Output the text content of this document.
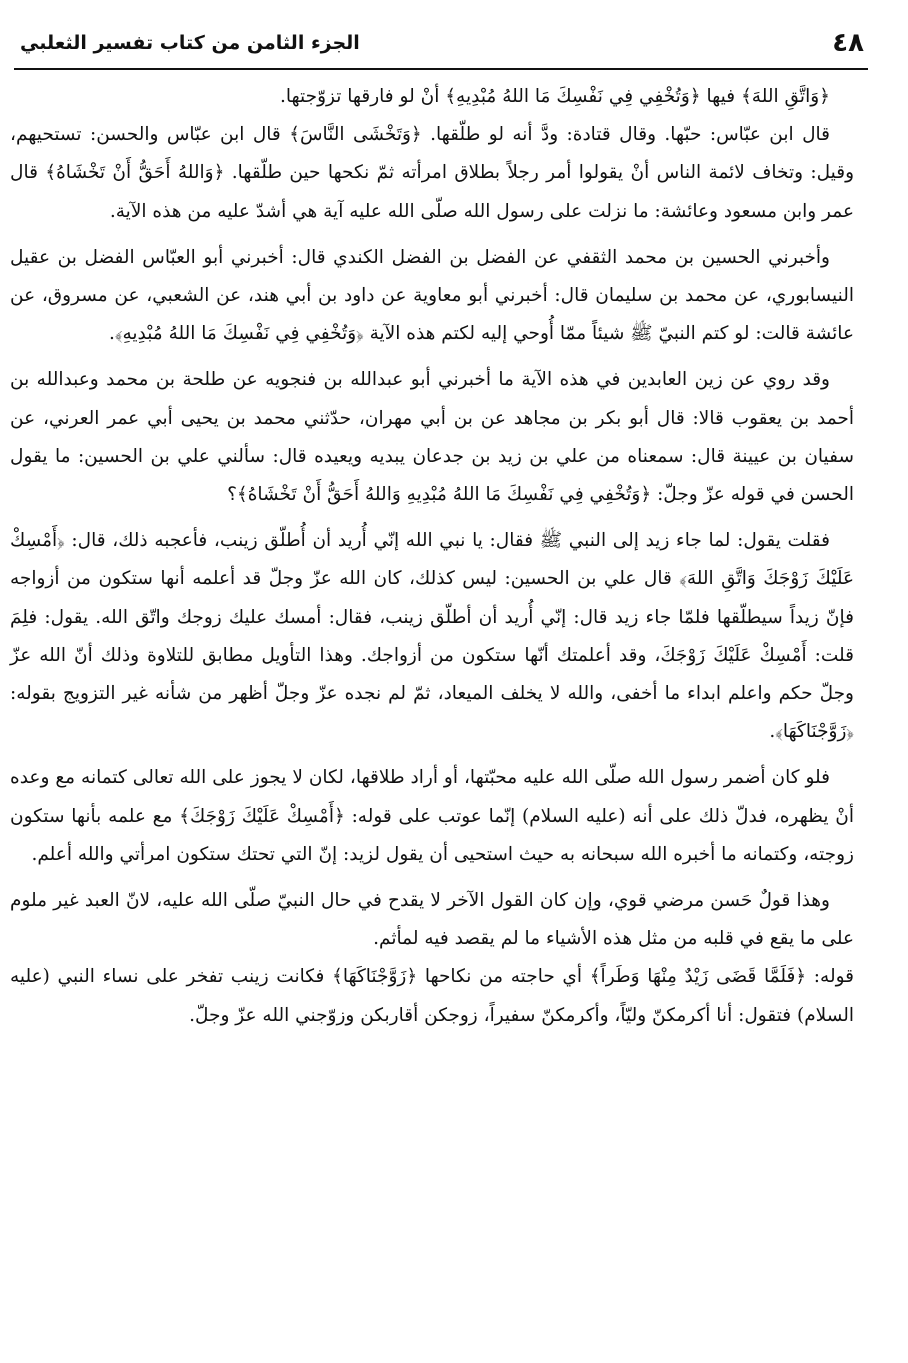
٤٨
الجزء الثامن من كتاب تفسير الثعلبي

﴿وَاتَّقِ اللهَ﴾ فيها ﴿وَتُخْفِي فِي نَفْسِكَ مَا اللهُ مُبْدِيهِ﴾ أنْ لو فارقها تزوّجتها.

قال ابن عبّاس: حبّها. وقال قتادة: ودَّ أنه لو طلّقها. ﴿وَتَخْشَى النَّاسَ﴾ قال ابن عبّاس والحسن: تستحيهم، وقيل: وتخاف لائمة الناس أنْ يقولوا أمر رجلاً بطلاق امرأته ثمّ نكحها حين طلّقها. ﴿وَاللهُ أَحَقُّ أَنْ تَخْشَاهُ﴾ قال عمر وابن مسعود وعائشة: ما نزلت على رسول الله صلّى الله عليه آية هي أشدّ عليه من هذه الآية.

وأخبرني الحسين بن محمد الثقفي عن الفضل بن الفضل الكندي قال: أخبرني أبو العبّاس الفضل بن عقيل النيسابوري، عن محمد بن سليمان قال: أخبرني أبو معاوية عن داود بن أبي هند، عن الشعبي، عن مسروق، عن عائشة قالت: لو كتم النبيّ ﷺ شيئاً ممّا أُوحي إليه لكتم هذه الآية ﴿وَتُخْفِي فِي نَفْسِكَ مَا اللهُ مُبْدِيهِ﴾.

وقد روي عن زين العابدين في هذه الآية ما أخبرني أبو عبدالله بن فنجويه عن طلحة بن محمد وعبدالله بن أحمد بن يعقوب قالا: قال أبو بكر بن مجاهد عن بن أبي مهران، حدّثني محمد بن يحيى أبي عمر العرني، عن سفيان بن عيينة قال: سمعناه من علي بن زيد بن جدعان يبديه ويعيده قال: سألني علي بن الحسين: ما يقول الحسن في قوله عزّ وجلّ: ﴿وَتُخْفِي فِي نَفْسِكَ مَا اللهُ مُبْدِيهِ وَاللهُ أَحَقُّ أَنْ تَخْشَاهُ﴾؟

فقلت يقول: لما جاء زيد إلى النبي ﷺ فقال: يا نبي الله إنّي أُريد أن أُطلّق زينب، فأعجبه ذلك، قال: ﴿أَمْسِكْ عَلَيْكَ زَوْجَكَ وَاتَّقِ اللهَ﴾ قال علي بن الحسين: ليس كذلك، كان الله عزّ وجلّ قد أعلمه أنها ستكون من أزواجه فإنّ زيداً سيطلّقها فلمّا جاء زيد قال: إنّي أُريد أن أطلّق زينب، فقال: أمسك عليك زوجك واتّق الله. يقول: فلِمَ قلت: أَمْسِكْ عَلَيْكَ زَوْجَكَ، وقد أعلمتك أنّها ستكون من أزواجك. وهذا التأويل مطابق للتلاوة وذلك أنّ الله عزّ وجلّ حكم واعلم ابداء ما أخفى، والله لا يخلف الميعاد، ثمّ لم نجده عزّ وجلّ أظهر من شأنه غير التزويج بقوله: ﴿زَوَّجْنَاكَهَا﴾.

فلو كان أضمر رسول الله صلّى الله عليه محبّتها، أو أراد طلاقها، لكان لا يجوز على الله تعالى كتمانه مع وعده أنْ يظهره، فدلّ ذلك على أنه (عليه السلام) إنّما عوتب على قوله: ﴿أَمْسِكْ عَلَيْكَ زَوْجَكَ﴾ مع علمه بأنها ستكون زوجته، وكتمانه ما أخبره الله سبحانه به حيث استحيى أن يقول لزيد: إنّ التي تحتك ستكون امرأتي والله أعلم.

وهذا قولٌ حَسن مرضي قوي، وإن كان القول الآخر لا يقدح في حال النبيّ صلّى الله عليه، لانّ العبد غير ملوم على ما يقع في قلبه من مثل هذه الأشياء ما لم يقصد فيه لمأثم.

قوله: ﴿فَلَمَّا قَضَى زَيْدٌ مِنْهَا وَطَراً﴾ أي حاجته من نكاحها ﴿زَوَّجْنَاكَهَا﴾ فكانت زينب تفخر على نساء النبي (عليه السلام) فتقول: أنا أكرمكنّ وليّاً، وأكرمكنّ سفيراً، زوجكن أقاربكن وزوّجني الله عزّ وجلّ.
